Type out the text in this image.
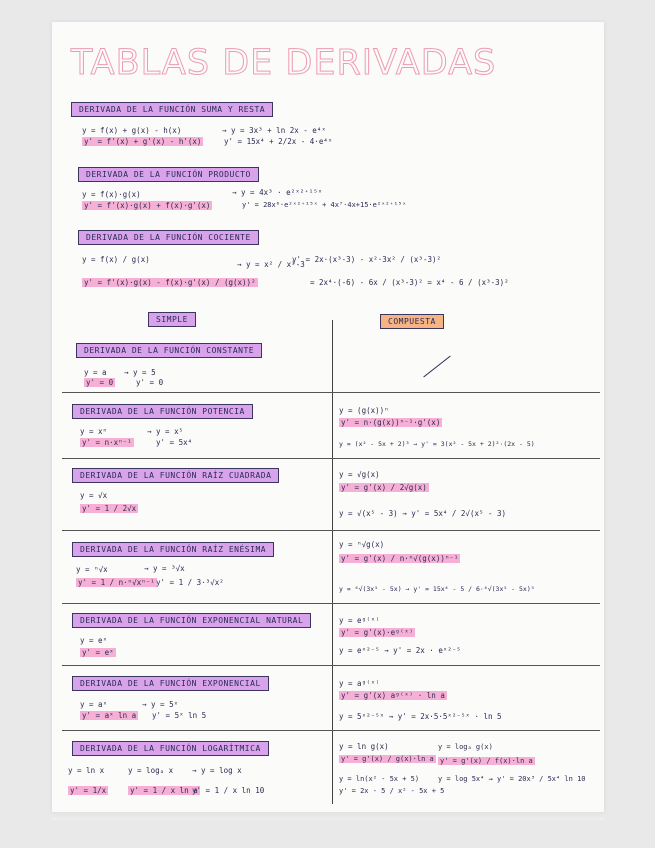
TABLAS DE DERIVADAS
DERIVADA DE LA FUNCIÓN SUMA Y RESTA
y = f(x) + g(x) - h(x)
y' = f'(x) + g'(x) - h'(x)
→ y = 3x³ + ln 2x - e⁴ˣ
y' = 15x⁴ + 2/2x - 4·e⁴ˣ
DERIVADA DE LA FUNCIÓN PRODUCTO
y = f(x)·g(x)
y' = f'(x)·g(x) + f(x)·g'(x)
→ y = 4x³ · e²ˣ²⁺¹⁵ˣ
y' = 28x⁶·e²ˣ²⁺¹⁵ˣ + 4x⁷·4x+15·e²ˣ²⁺¹⁵ˣ
DERIVADA DE LA FUNCIÓN COCIENTE
y = f(x) / g(x)
y' = f'(x)·g(x) - f(x)·g'(x) / (g(x))²
→ y = x² / x³-3
y' = 2x·(x³-3) - x²·3x² / (x³-3)²
= 2x⁴·(-6) - 6x / (x³-3)² = x⁴ - 6 / (x³-3)²
SIMPLE	COMPUESTA
DERIVADA DE LA FUNCIÓN CONSTANTE
y = a
y' = 0
→ y = 5
y' = 0
DERIVADA DE LA FUNCIÓN POTENCIA
y = xⁿ
y' = n·xⁿ⁻¹
→ y = x⁵
y' = 5x⁴
y = (g(x))ⁿ
y' = n·(g(x))ⁿ⁻¹·g'(x)
y = (x² - 5x + 2)³ → y' = 3(x² - 5x + 2)²·(2x - 5)
DERIVADA DE LA FUNCIÓN RAÍZ CUADRADA
y = √x
y' = 1 / 2√x
y = √g(x)
y' = g'(x) / 2√g(x)
y = √(x⁵ - 3) → y' = 5x⁴ / 2√(x⁵ - 3)
DERIVADA DE LA FUNCIÓN RAÍZ ENÉSIMA
y = ⁿ√x
y' = 1 / n·ⁿ√xⁿ⁻¹
→ y = ³√x
y' = 1 / 3·³√x²
y = ⁿ√g(x)
y' = g'(x) / n·ⁿ√(g(x))ⁿ⁻¹
y = ⁶√(3x⁵ - 5x) → y' = 15x⁴ - 5 / 6·⁶√(3x⁵ - 5x)⁵
DERIVADA DE LA FUNCIÓN EXPONENCIAL NATURAL
y = eˣ
y' = eˣ
y = eᵍ⁽ˣ⁾
y' = g'(x)·eᵍ⁽ˣ⁾
y = eˣ²⁻⁵ → y' = 2x · eˣ²⁻⁵
DERIVADA DE LA FUNCIÓN EXPONENCIAL
y = aˣ
y' = aˣ ln a
→ y = 5ˣ
y' = 5ˣ ln 5
y = aᵍ⁽ˣ⁾
y' = g'(x) aᵍ⁽ˣ⁾ · ln a
y = 5ˣ²⁻⁵ˣ → y' = 2x·5·5ˣ²⁻⁵ˣ · ln 5
DERIVADA DE LA FUNCIÓN LOGARÍTMICA
y = ln x
y' = 1/x
y = logₐ x
y' = 1 / x ln a
→ y = log x
y' = 1 / x ln 10
y = ln g(x)
y' = g'(x) / g(x)·ln a
y = ln(x² - 5x + 5)
y' = 2x - 5 / x² - 5x + 5
y = logₐ g(x)
y' = g'(x) / f(x)·ln a
y = log 5x⁴ → y' = 20x³ / 5x⁴ ln 10
